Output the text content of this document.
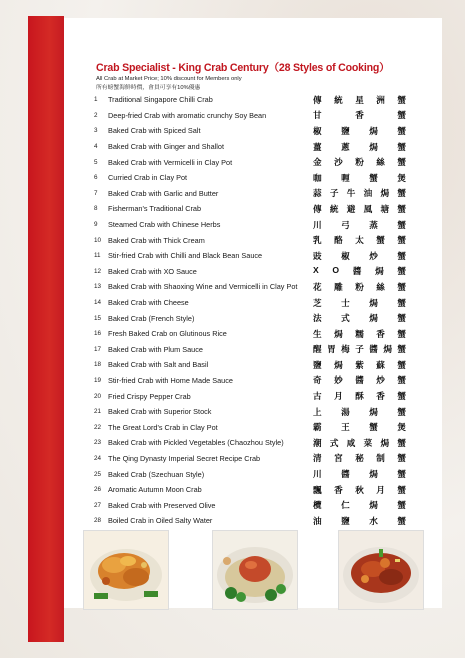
Crab Specialist - King Crab Century（28 Styles of Cooking）
All Crab at Market Price; 10% discount for Members only
所有螃蟹海鮮時價，會員可享有10%優惠
1	Traditional Singapore Chilli Crab	傳 統 星 洲 蟹
2	Deep-fried Crab with aromatic crunchy Soy Bean	甘	香	蟹
3	Baked Crab with Spiced Salt	椒 鹽 焗 蟹
4	Baked Crab with Ginger and Shallot	薑 蔥 焗 蟹
5	Baked Crab with Vermicelli in Clay Pot	金 沙 粉 絲 蟹
6	Curried Crab in Clay Pot	咖 喱 蟹 煲
7	Baked Crab with Garlic and Butter	蒜 子 牛 油 焗 蟹
8	Fisherman's Traditional Crab	傳 統 避 風 塘 蟹
9	Steamed Crab with Chinese Herbs	川 弓 蒸 蟹
10 Baked Crab with Thick Cream	乳 酪 太 蟹 蟹
11	Stir-fried Crab with Chilli and Black Bean Sauce	豉 椒 炒 蟹
12 Baked Crab with XO Sauce	X O 醬 焗 蟹
13 Baked Crab with Shaoxing Wine and Vermicelli in Clay Pot	花 雕 粉 絲 蟹
14 Baked Crab with Cheese	芝 士 焗 蟹
15 Baked Crab (French Style)	法 式 焗 蟹
16 Fresh Baked Crab on Glutinous Rice	生 焗 糯 香 蟹
17 Baked Crab with Plum Sauce	醒 胃 梅 子 醬 焗 蟹
18 Baked Crab with Salt and Basil	鹽 焗 紫 蘇 蟹
19 Stir-fried Crab with Home Made Sauce	奇 妙 醬 炒 蟹
20 Fried Crispy Pepper Crab	古 月 酥 香 蟹
21 Baked Crab with Superior Stock	上 湯 焗 蟹
22 The Great Lord's Crab in Clay Pot	霸 王 蟹 煲
23 Baked Crab with Pickled Vegetables (Chaozhou Style)	潮 式 咸 菜 焗 蟹
24 The Qing Dynasty Imperial Secret Recipe Crab	清 宮 秘 制 蟹
25 Baked Crab (Szechuan Style)	川 醬 焗 蟹
26 Aromatic Autumn Moon Crab	飄 香 秋 月 蟹
27 Baked Crab with Preserved Olive	欖 仁 焗 蟹
28 Boiled Crab in Oiled Salty Water	油 鹽 水 蟹
